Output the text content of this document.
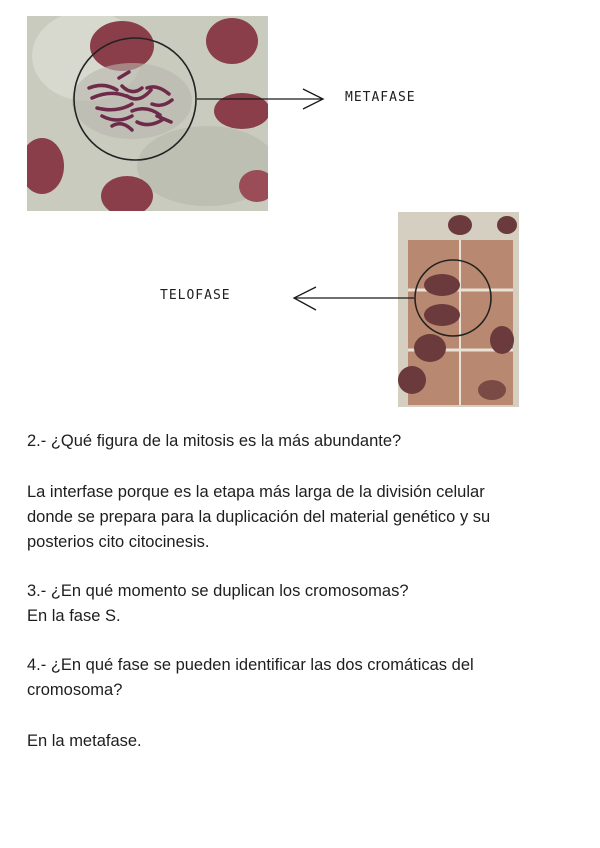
METAFASE
TELOFASE

2.- ¿Qué figura de la mitosis es la más abundante?

La interfase porque es la etapa más larga de la división celular

donde se prepara para la duplicación del material genético y su

posterios cito citocinesis.

3.- ¿En qué momento se duplican los cromosomas?

En la fase S.

4.- ¿En qué fase se pueden identificar las dos cromáticas del

cromosoma?

En la metafase.
